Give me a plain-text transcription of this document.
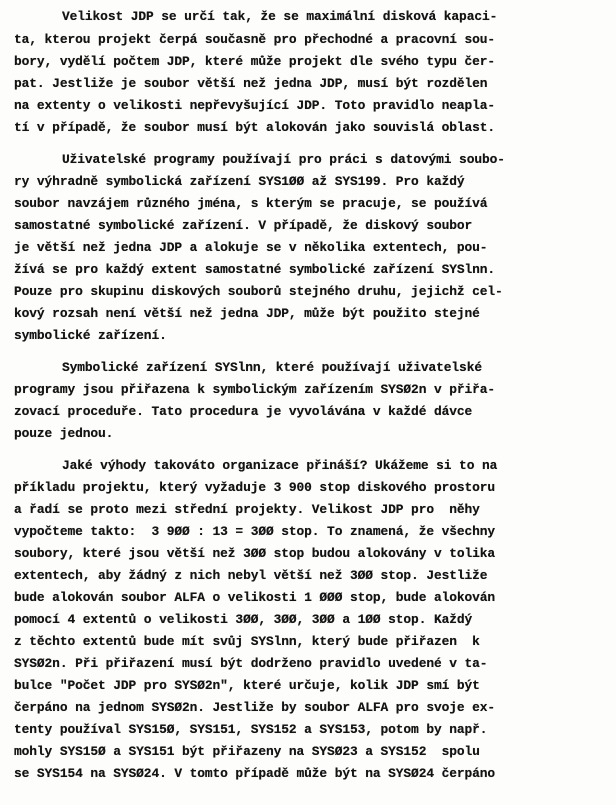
Velikost JDP se určí tak, že se maximální disková kapaci-
ta, kterou projekt čerpá současně pro přechodné a pracovní sou-
bory, vydělí počtem JDP, které může projekt dle svého typu čer-
pat. Jestliže je soubor větší než jedna JDP, musí být rozdělen
na extenty o velikosti nepřevyšující JDP. Toto pravidlo neapla-
tí v případě, že soubor musí být alokován jako souvislá oblast.
Uživatelské programy používají pro práci s datovými soubo-
ry výhradně symbolická zařízení SYS1ØØ až SYS199. Pro každý
soubor navzájem různého jména, s kterým se pracuje, se používá
samostatné symbolické zařízení. V případě, že diskový soubor
je větší než jedna JDP a alokuje se v několika extentech, pou-
žívá se pro každý extent samostatné symbolické zařízení SYSlnn.
Pouze pro skupinu diskových souborů stejného druhu, jejichž cel-
kový rozsah není větší než jedna JDP, může být použito stejné
symbolické zařízení.
Symbolické zařízení SYSlnn, které používají uživatelské
programy jsou přiřazena k symbolickým zařízením SYSØ2n v přiřa-
zovací proceduře. Tato procedura je vyvolávána v každé dávce
pouze jednou.
Jaké výhody takováto organizace přináší? Ukážeme si to na
příkladu projektu, který vyžaduje 3 900 stop diskového prostoru
a řadí se proto mezi střední projekty. Velikost JDP pro  něhy
vypočteme takto:  3 9ØØ : 13 = 3ØØ stop. To znamená, že všechny
soubory, které jsou větší než 3ØØ stop budou alokovány v tolika
extentech, aby žádný z nich nebyl větší než 3ØØ stop. Jestliže
bude alokován soubor ALFA o velikosti 1 ØØØ stop, bude alokován
pomocí 4 extentů o velikosti 3ØØ, 3ØØ, 3ØØ a 1ØØ stop. Každý
z těchto extentů bude mít svůj SYSlnn, který bude přiřazen  k
SYSØ2n. Při přiřazení musí být dodrženo pravidlo uvedené v ta-
bulce "Počet JDP pro SYSØ2n", které určuje, kolik JDP smí být
čerpáno na jednom SYSØ2n. Jestliže by soubor ALFA pro svoje ex-
tenty používal SYS15Ø, SYS151, SYS152 a SYS153, potom by např.
mohly SYS15Ø a SYS151 být přiřazeny na SYSØ23 a SYS152  spolu
se SYS154 na SYSØ24. V tomto případě může být na SYSØ24 čerpáno
